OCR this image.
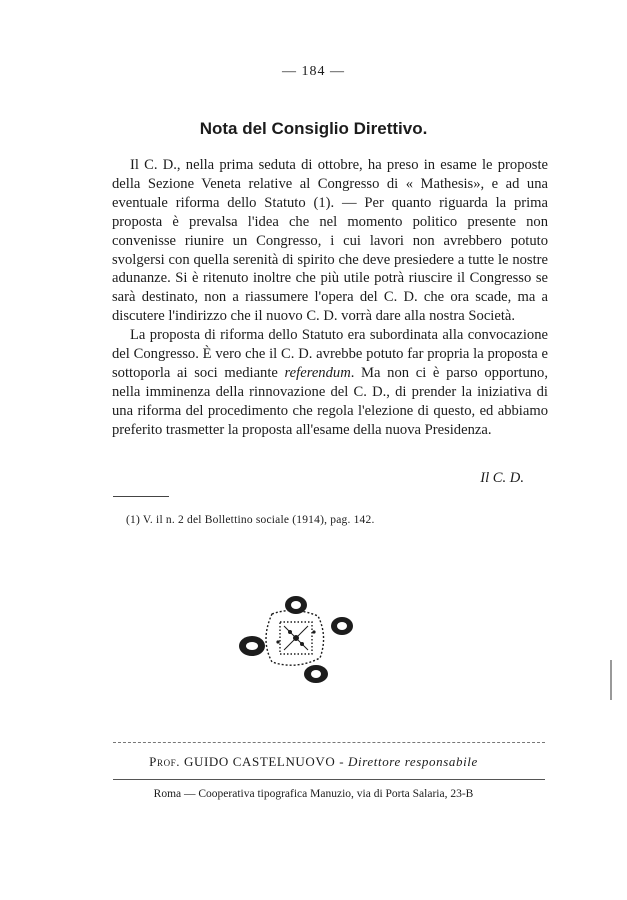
— 184 —
Nota del Consiglio Direttivo.

Il C. D., nella prima seduta di ottobre, ha preso in esame le proposte della Sezione Veneta relative al Congresso di « Mathesis», e ad una eventuale riforma dello Statuto (1). — Per quanto riguarda la prima proposta è prevalsa l'idea che nel momento politico presente non convenisse riunire un Congresso, i cui lavori non avrebbero potuto svolgersi con quella serenità di spirito che deve presiedere a tutte le nostre adunanze. Si è ritenuto inoltre che più utile potrà riuscire il Congresso se sarà destinato, non a riassumere l'opera del C. D. che ora scade, ma a discutere l'indirizzo che il nuovo C. D. vorrà dare alla nostra Società.

La proposta di riforma dello Statuto era subordinata alla convocazione del Congresso. È vero che il C. D. avrebbe potuto far propria la proposta e sottoporla ai soci mediante referendum. Ma non ci è parso opportuno, nella imminenza della rinnovazione del C. D., di prender la iniziativa di una riforma del procedimento che regola l'elezione di questo, ed abbiamo preferito trasmetter la proposta all'esame della nuova Presidenza.

Il C. D.
(1) V. il n. 2 del Bollettino sociale (1914), pag. 142.
Prof. GUIDO CASTELNUOVO - Direttore responsabile
Roma — Cooperativa tipografica Manuzio, via di Porta Salaria, 23-B
